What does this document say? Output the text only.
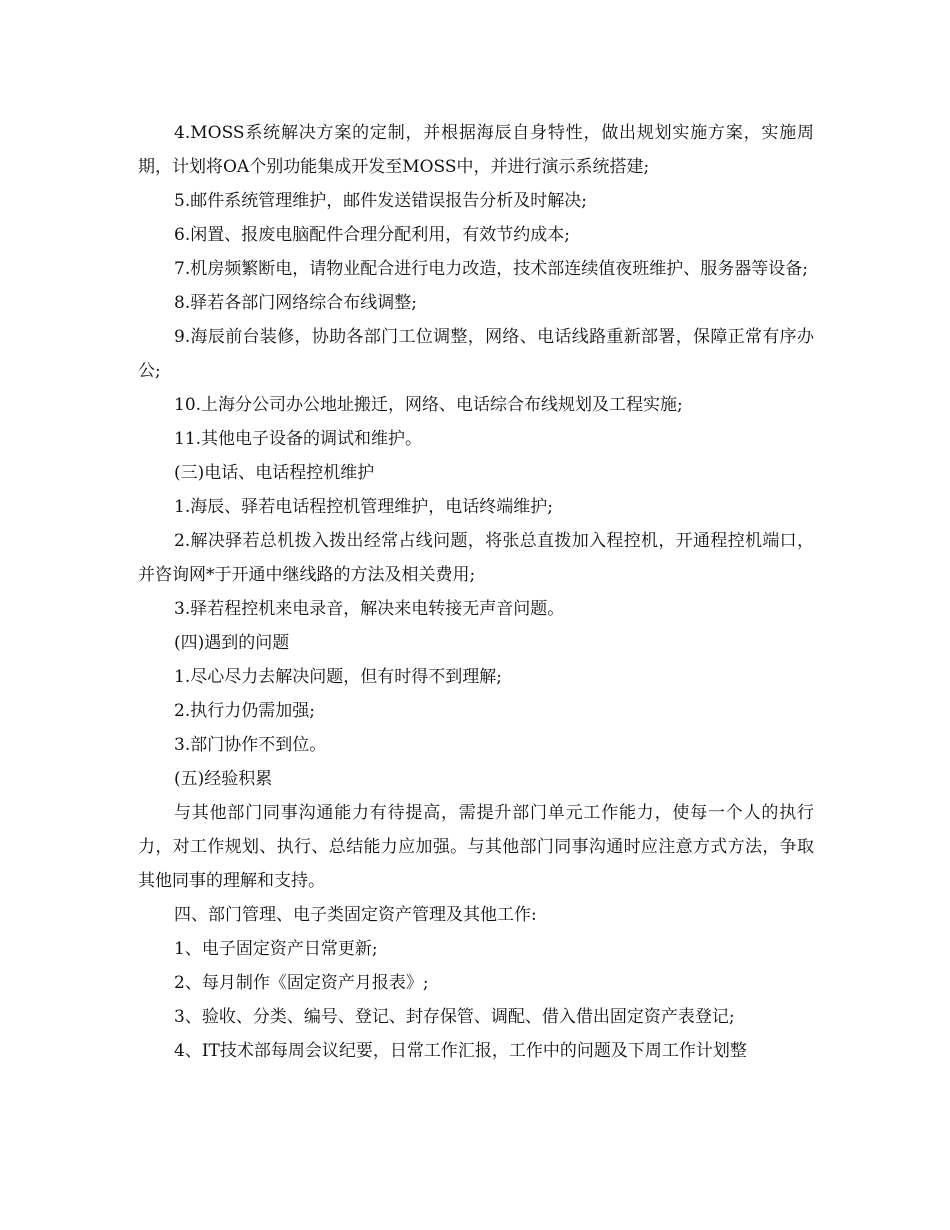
4.MOSS系统解决方案的定制，并根据海辰自身特性，做出规划实施方案，实施周期，计划将OA个别功能集成开发至MOSS中，并进行演示系统搭建;

5.邮件系统管理维护，邮件发送错误报告分析及时解决;

6.闲置、报废电脑配件合理分配利用，有效节约成本;

7.机房频繁断电，请物业配合进行电力改造，技术部连续值夜班维护、服务器等设备;

8.驿若各部门网络综合布线调整;

9.海辰前台装修，协助各部门工位调整，网络、电话线路重新部署，保障正常有序办公;

10.上海分公司办公地址搬迁，网络、电话综合布线规划及工程实施;

11.其他电子设备的调试和维护。

(三)电话、电话程控机维护

1.海辰、驿若电话程控机管理维护，电话终端维护;

2.解决驿若总机拨入拨出经常占线问题，将张总直拨加入程控机，开通程控机端口，并咨询网*于开通中继线路的方法及相关费用;

3.驿若程控机来电录音，解决来电转接无声音问题。

(四)遇到的问题

1.尽心尽力去解决问题，但有时得不到理解;

2.执行力仍需加强;

3.部门协作不到位。

(五)经验积累

与其他部门同事沟通能力有待提高，需提升部门单元工作能力，使每一个人的执行力，对工作规划、执行、总结能力应加强。与其他部门同事沟通时应注意方式方法，争取其他同事的理解和支持。

四、部门管理、电子类固定资产管理及其他工作:

1、电子固定资产日常更新;

2、每月制作《固定资产月报表》;

3、验收、分类、编号、登记、封存保管、调配、借入借出固定资产表登记;

4、IT技术部每周会议纪要，日常工作汇报，工作中的问题及下周工作计划整
